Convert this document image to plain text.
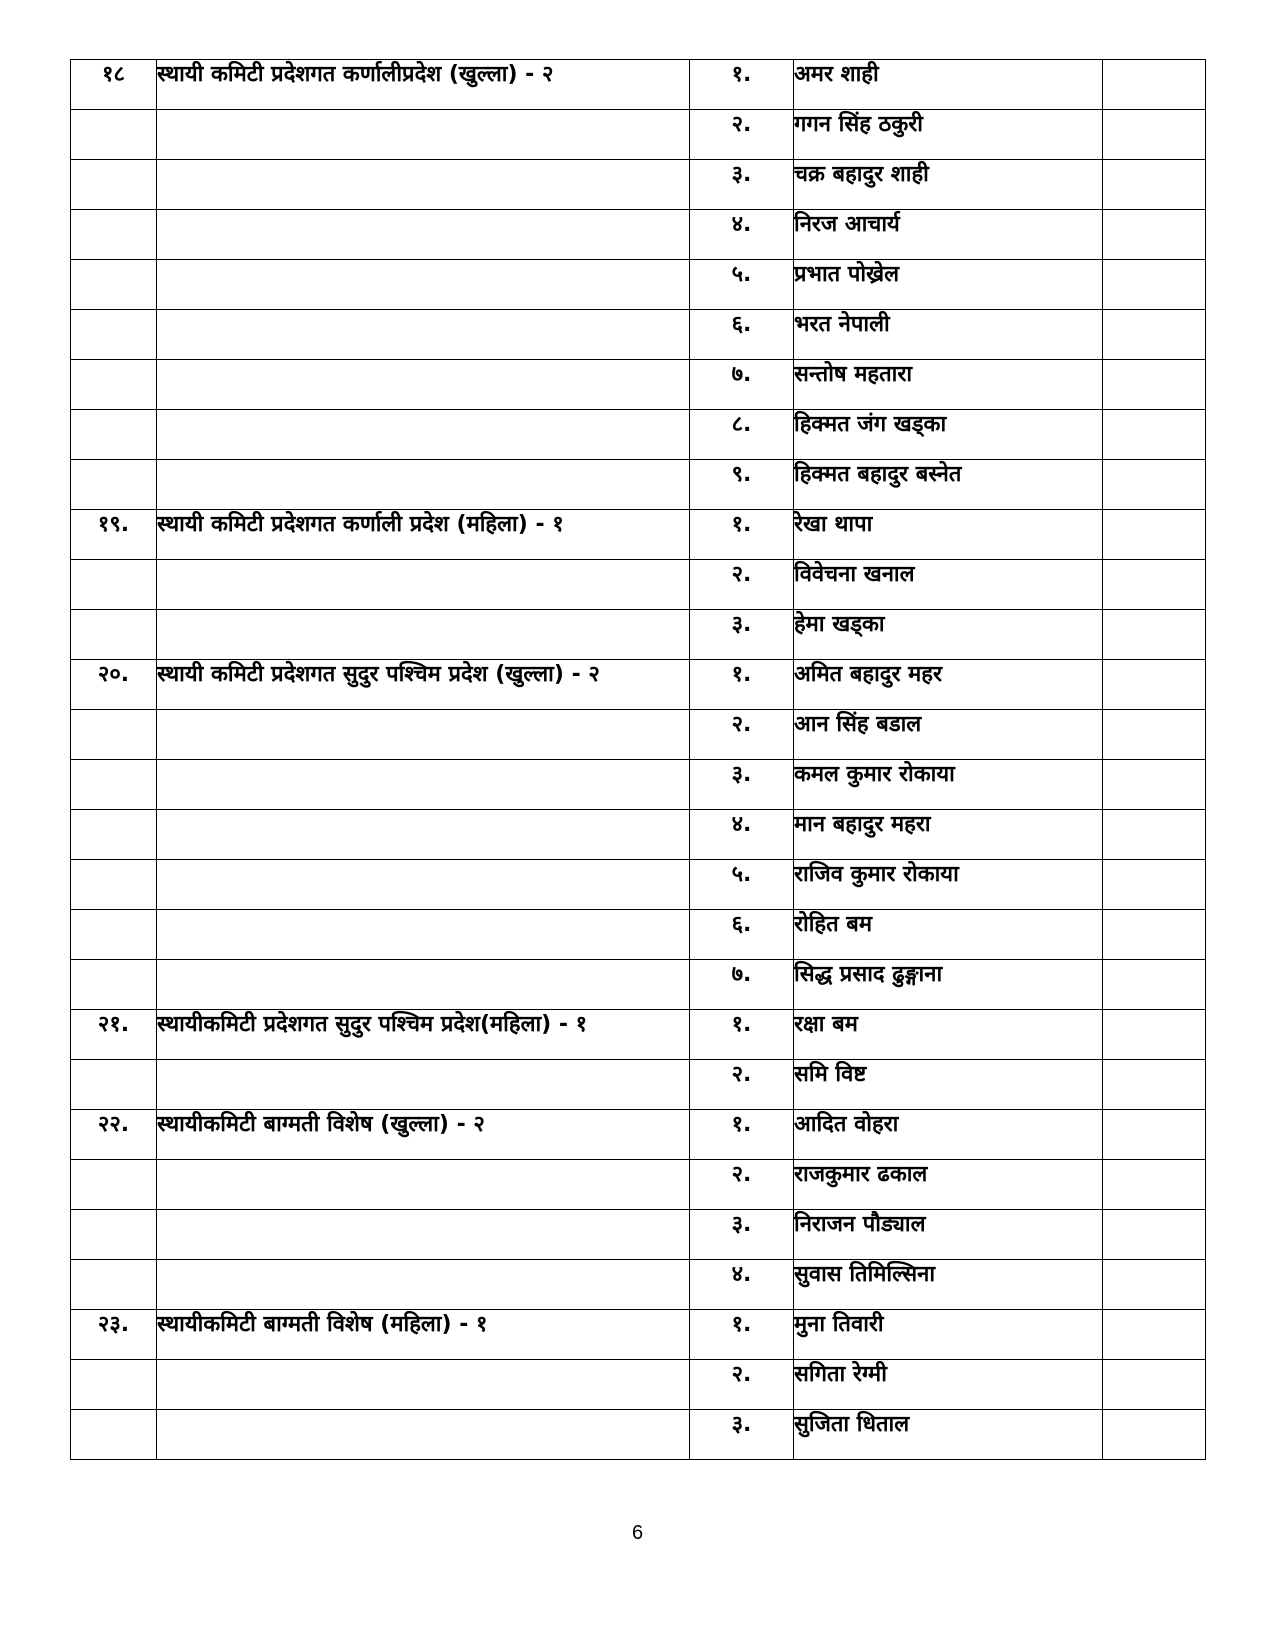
१८	स्थायी कमिटी प्रदेशगत कर्णालीप्रदेश (खुल्ला) - २	१.	अमर शाही	
		२.	गगन सिंह ठकुरी	
		३.	चक्र बहादुर शाही	
		४.	निरज आचार्य	
		५.	प्रभात पोख्रेल	
		६.	भरत नेपाली	
		७.	सन्तोष महतारा	
		८.	हिक्मत जंग खड्का	
		९.	हिक्मत बहादुर बस्नेत	
१९.	स्थायी कमिटी प्रदेशगत कर्णाली प्रदेश (महिला) - १	१.	रेखा थापा	
		२.	विवेचना खनाल	
		३.	हेमा खड्का	
२०.	स्थायी कमिटी प्रदेशगत सुदुर पश्चिम प्रदेश (खुल्ला) - २	१.	अमित बहादुर महर	
		२.	आन सिंह बडाल	
		३.	कमल कुमार रोकाया	
		४.	मान बहादुर महरा	
		५.	राजिव कुमार रोकाया	
		६.	रोहित बम	
		७.	सिद्ध प्रसाद ढुङ्गाना	
२१.	स्थायीकमिटी प्रदेशगत सुदुर पश्चिम प्रदेश(महिला) - १	१.	रक्षा बम	
		२.	समि विष्ट	
२२.	स्थायीकमिटी बाग्मती विशेष (खुल्ला) - २	१.	आदित वोहरा	
		२.	राजकुमार ढकाल	
		३.	निराजन पौड्याल	
		४.	सुवास तिमिल्सिना	
२३.	स्थायीकमिटी बाग्मती विशेष (महिला) - १	१.	मुना तिवारी	
		२.	सगिता रेग्मी	
		३.	सुजिता धिताल	
6
